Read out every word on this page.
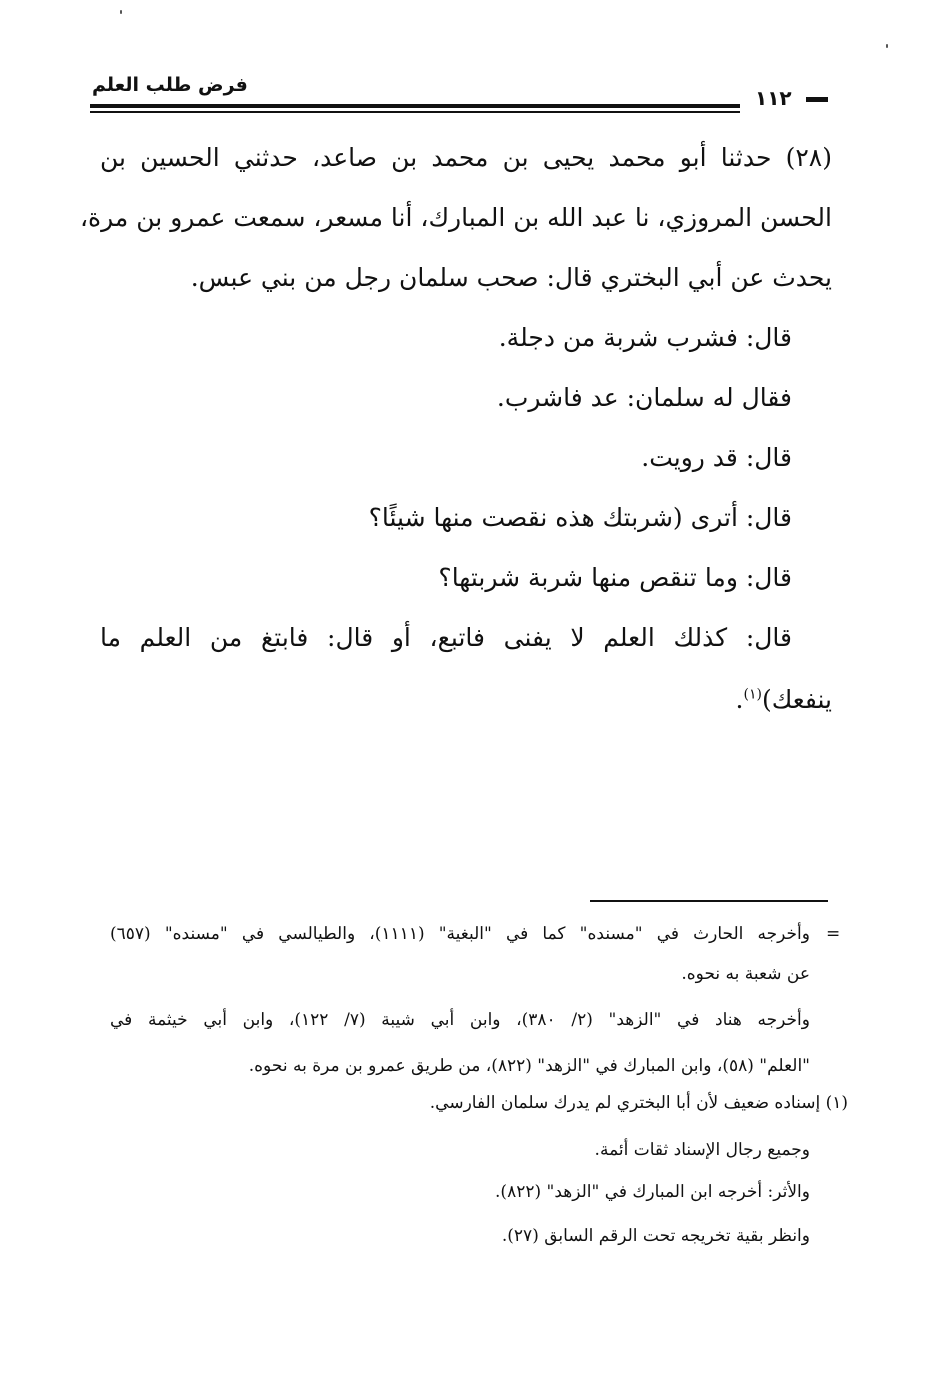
فرض طلب العلم
١١٢
(٢٨) حدثنا أبو محمد يحيى بن محمد بن صاعد، حدثني الحسين بن
الحسن المروزي، نا عبد الله بن المبارك، أنا مسعر، سمعت عمرو بن مرة،
يحدث عن أبي البختري قال: صحب سلمان رجل من بني عبس.
قال: فشرب شربة من دجلة.
فقال له سلمان: عد فاشرب.
قال: قد رويت.
قال: أترى (شربتك هذه نقصت منها شيئًا؟
قال: وما تنقص منها شربة شربتها؟
قال: كذلك العلم لا يفنى فاتبع، أو قال: فابتغ من العلم ما
ينفعك)$^{(١)}$.
=
وأخرجه الحارث في "مسنده" كما في "البغية" (١١١١)، والطيالسي في "مسنده" (٦٥٧)
عن شعبة به نحوه.
وأخرجه هناد في "الزهد" (٢/ ٣٨٠)، وابن أبي شيبة (٧/ ١٢٢)، وابن أبي خيثمة في
"العلم" (٥٨)، وابن المبارك في "الزهد" (٨٢٢)، من طريق عمرو بن مرة به نحوه.
(١) إسناده ضعيف لأن أبا البختري لم يدرك سلمان الفارسي.
وجميع رجال الإسناد ثقات أئمة.
والأثر: أخرجه ابن المبارك في "الزهد" (٨٢٢).
وانظر بقية تخريجه تحت الرقم السابق (٢٧).
